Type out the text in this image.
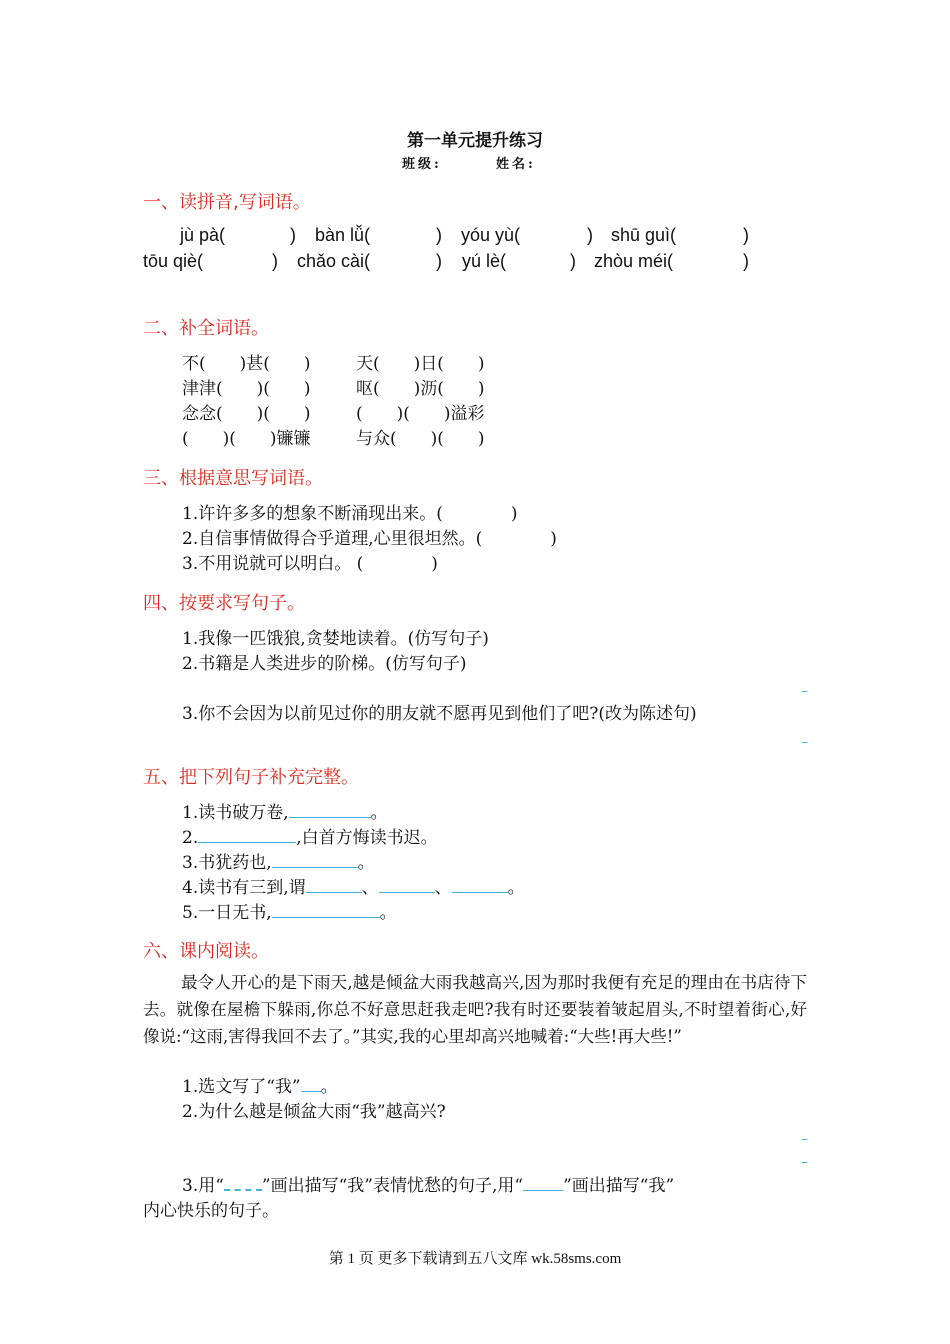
第一单元提升练习
班级:	姓名:
一、读拼音,写词语。
jù pà(	) bàn lǚ(	) yóu yù(	) shū guì(	)
tōu qiè(	) chǎo cài(	) yú lè(	) zhòu méi(	)
二、补全词语。
不(　　)甚(　　)	天(　　)日(　　)
津津(　　)(　　)	呕(　　)沥(　　)
念念(　　)(　　)	(　　)(　　)溢彩
(　　)(　　)镰镰	与众(　　)(　　)
三、根据意思写词语。
1.许许多多的想象不断涌现出来。(　　　　)
2.自信事情做得合乎道理,心里很坦然。(　　　　)
3.不用说就可以明白。 (　　　　)
四、按要求写句子。
1.我像一匹饿狼,贪婪地读着。(仿写句子)
2.书籍是人类进步的阶梯。(仿写句子)
3.你不会因为以前见过你的朋友就不愿再见到他们了吧?(改为陈述句)
五、把下列句子补充完整。
1.读书破万卷,	。
2.	,白首方悔读书迟。
3.书犹药也,	。
4.读书有三到,谓	、	、	。
5.一日无书,	。
六、课内阅读。
最令人开心的是下雨天,越是倾盆大雨我越高兴,因为那时我便有充足的理由在书店待下去。就像在屋檐下躲雨,你总不好意思赶我走吧?我有时还要装着皱起眉头,不时望着街心,好像说:“这雨,害得我回不去了。”其实,我的心里却高兴地喊着:“大些!再大些!”
1.选文写了“我” 。
2.为什么越是倾盆大雨“我”越高兴?
3.用“ ”画出描写“我”表情忧愁的句子,用“ ”画出描写“我”
内心快乐的句子。
第 1 页 更多下载请到五八文库 wk.58sms.com
